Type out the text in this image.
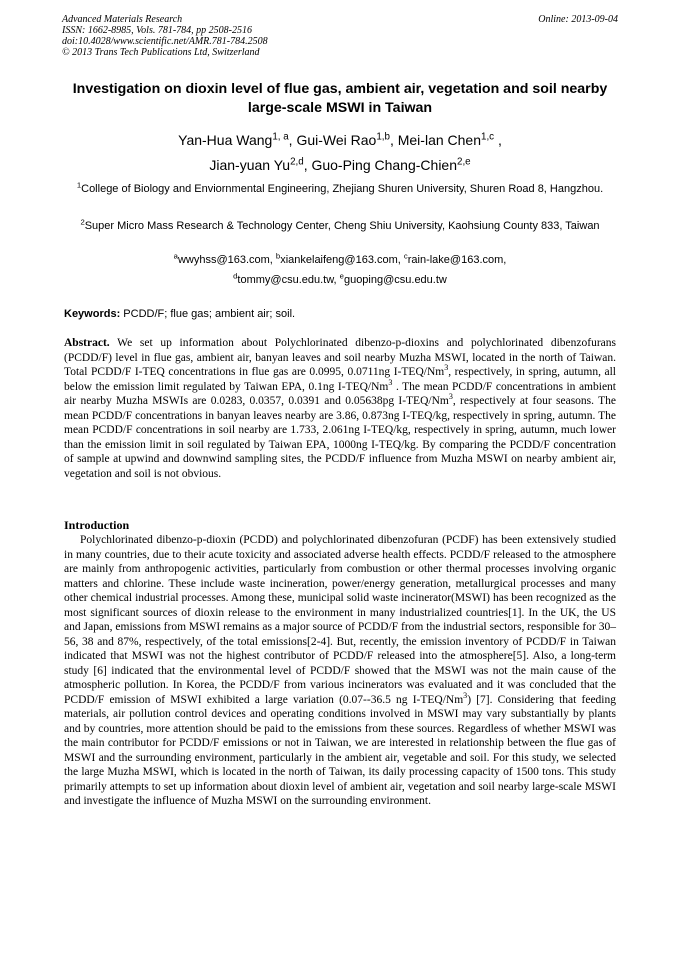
Advanced Materials Research
ISSN: 1662-8985, Vols. 781-784, pp 2508-2516
doi:10.4028/www.scientific.net/AMR.781-784.2508
© 2013 Trans Tech Publications Ltd, Switzerland
Online: 2013-09-04
Investigation on dioxin level of flue gas, ambient air, vegetation and soil nearby large-scale MSWI in Taiwan
Yan-Hua Wang$^{1, a}$, Gui-Wei Rao$^{1,b}$, Mei-lan Chen$^{1,c}$ ,
Jian-yuan Yu$^{2,d}$, Guo-Ping Chang-Chien$^{2,e}$
$^1$College of Biology and Enviornmental Engineering, Zhejiang Shuren University, Shuren Road 8, Hangzhou.
$^2$Super Micro Mass Research & Technology Center, Cheng Shiu University, Kaohsiung County 833, Taiwan
$^a$wwyhss@163.com, $^b$xiankelaifeng@163.com, $^c$rain-lake@163.com,
$^d$tommy@csu.edu.tw, $^e$guoping@csu.edu.tw
Keywords: PCDD/F; flue gas; ambient air; soil.
Abstract. We set up information about Polychlorinated dibenzo-p-dioxins and polychlorinated dibenzofurans (PCDD/F) level in flue gas, ambient air, banyan leaves and soil nearby Muzha MSWI, located in the north of Taiwan. Total PCDD/F I-TEQ concentrations in flue gas are 0.0995, 0.0711ng I-TEQ/Nm$^3$, respectively, in spring, autumn, all below the emission limit regulated by Taiwan EPA, 0.1ng I-TEQ/Nm$^3$ . The mean PCDD/F concentrations in ambient air nearby Muzha MSWIs are 0.0283, 0.0357, 0.0391 and 0.05638pg I-TEQ/Nm$^3$, respectively at four seasons. The mean PCDD/F concentrations in banyan leaves nearby are 3.86, 0.873ng I-TEQ/kg, respectively in spring, autumn. The mean PCDD/F concentrations in soil nearby are 1.733, 2.061ng I-TEQ/kg, respectively in spring, autumn, much lower than the emission limit in soil regulated by Taiwan EPA, 1000ng I-TEQ/kg. By comparing the PCDD/F concentration of sample at upwind and downwind sampling sites, the PCDD/F influence from Muzha MSWI on nearby ambient air, vegetation and soil is not obvious.
Introduction
Polychlorinated dibenzo-p-dioxin (PCDD) and polychlorinated dibenzofuran (PCDF) has been extensively studied in many countries, due to their acute toxicity and associated adverse health effects. PCDD/F released to the atmosphere are mainly from anthropogenic activities, particularly from combustion or other thermal processes involving organic matters and chlorine. These include waste incineration, power/energy generation, metallurgical processes and many other chemical industrial processes. Among these, municipal solid waste incinerator(MSWI) has been recognized as the most significant sources of dioxin release to the environment in many industrialized countries[1]. In the UK, the US and Japan, emissions from MSWI remains as a major source of PCDD/F from the industrial sectors, responsible for 30–56, 38 and 87%, respectively, of the total emissions[2-4]. But, recently, the emission inventory of PCDD/F in Taiwan indicated that MSWI was not the highest contributor of PCDD/F released into the atmosphere[5]. Also, a long-term study [6] indicated that the environmental level of PCDD/F showed that the MSWI was not the main cause of the atmospheric pollution. In Korea, the PCDD/F from various incinerators was evaluated and it was concluded that the PCDD/F emission of MSWI exhibited a large variation (0.07--36.5 ng I-TEQ/Nm$^3$) [7]. Considering that feeding materials, air pollution control devices and operating conditions involved in MSWI may vary substantially by plants and by countries, more attention should be paid to the emissions from these sources. Regardless of whether MSWI was the main contributor for PCDD/F emissions or not in Taiwan, we are interested in relationship between the flue gas of MSWI and the surrounding environment, particularly in the ambient air, vegetable and soil. For this study, we selected the large Muzha MSWI, which is located in the north of Taiwan, its daily processing capacity of 1500 tons. This study primarily attempts to set up information about dioxin level of ambient air, vegetation and soil nearby large-scale MSWI and investigate the influence of Muzha MSWI on the surrounding environment.
